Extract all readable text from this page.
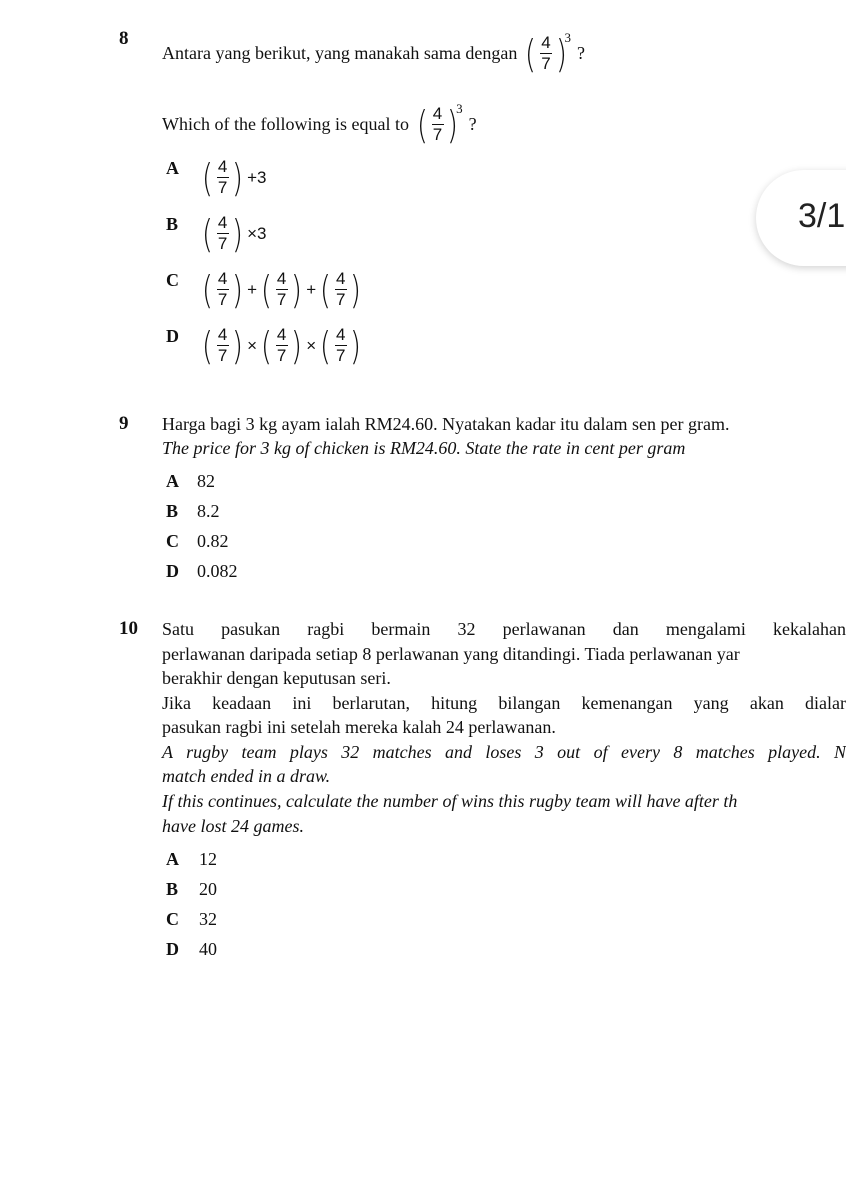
8
Antara yang berikut, yang manakah sama dengan ( 4
7 )
3
?
Which of the following is equal to ( 4
7 )
3
?
A ( 4
7 ) +3
B ( 4
7 ) ×3
C ( 4
7 ) + ( 4
7 ) + ( 4
7 )
D ( 4
7 ) × ( 4
7 ) × ( 4
7 )
3/1
9 Harga bagi 3 kg ayam ialah RM24.60. Nyatakan kadar itu dalam sen per gram.
The price for 3 kg of chicken is RM24.60. State the rate in cent per gram
A 82
B 8.2
C 0.82
D 0.082
10 Satu pasukan ragbi bermain 32 perlawanan dan mengalami kekalahan
perlawanan daripada setiap 8 perlawanan yang ditandingi. Tiada perlawanan yar
berakhir dengan keputusan seri.
Jika keadaan ini berlarutan, hitung bilangan kemenangan yang akan dialar
pasukan ragbi ini setelah mereka kalah 24 perlawanan.
A rugby team plays 32 matches and loses 3 out of every 8 matches played. N
match ended in a draw.
If this continues, calculate the number of wins this rugby team will have after th
have lost 24 games.
A 12
B 20
C 32
D 40
